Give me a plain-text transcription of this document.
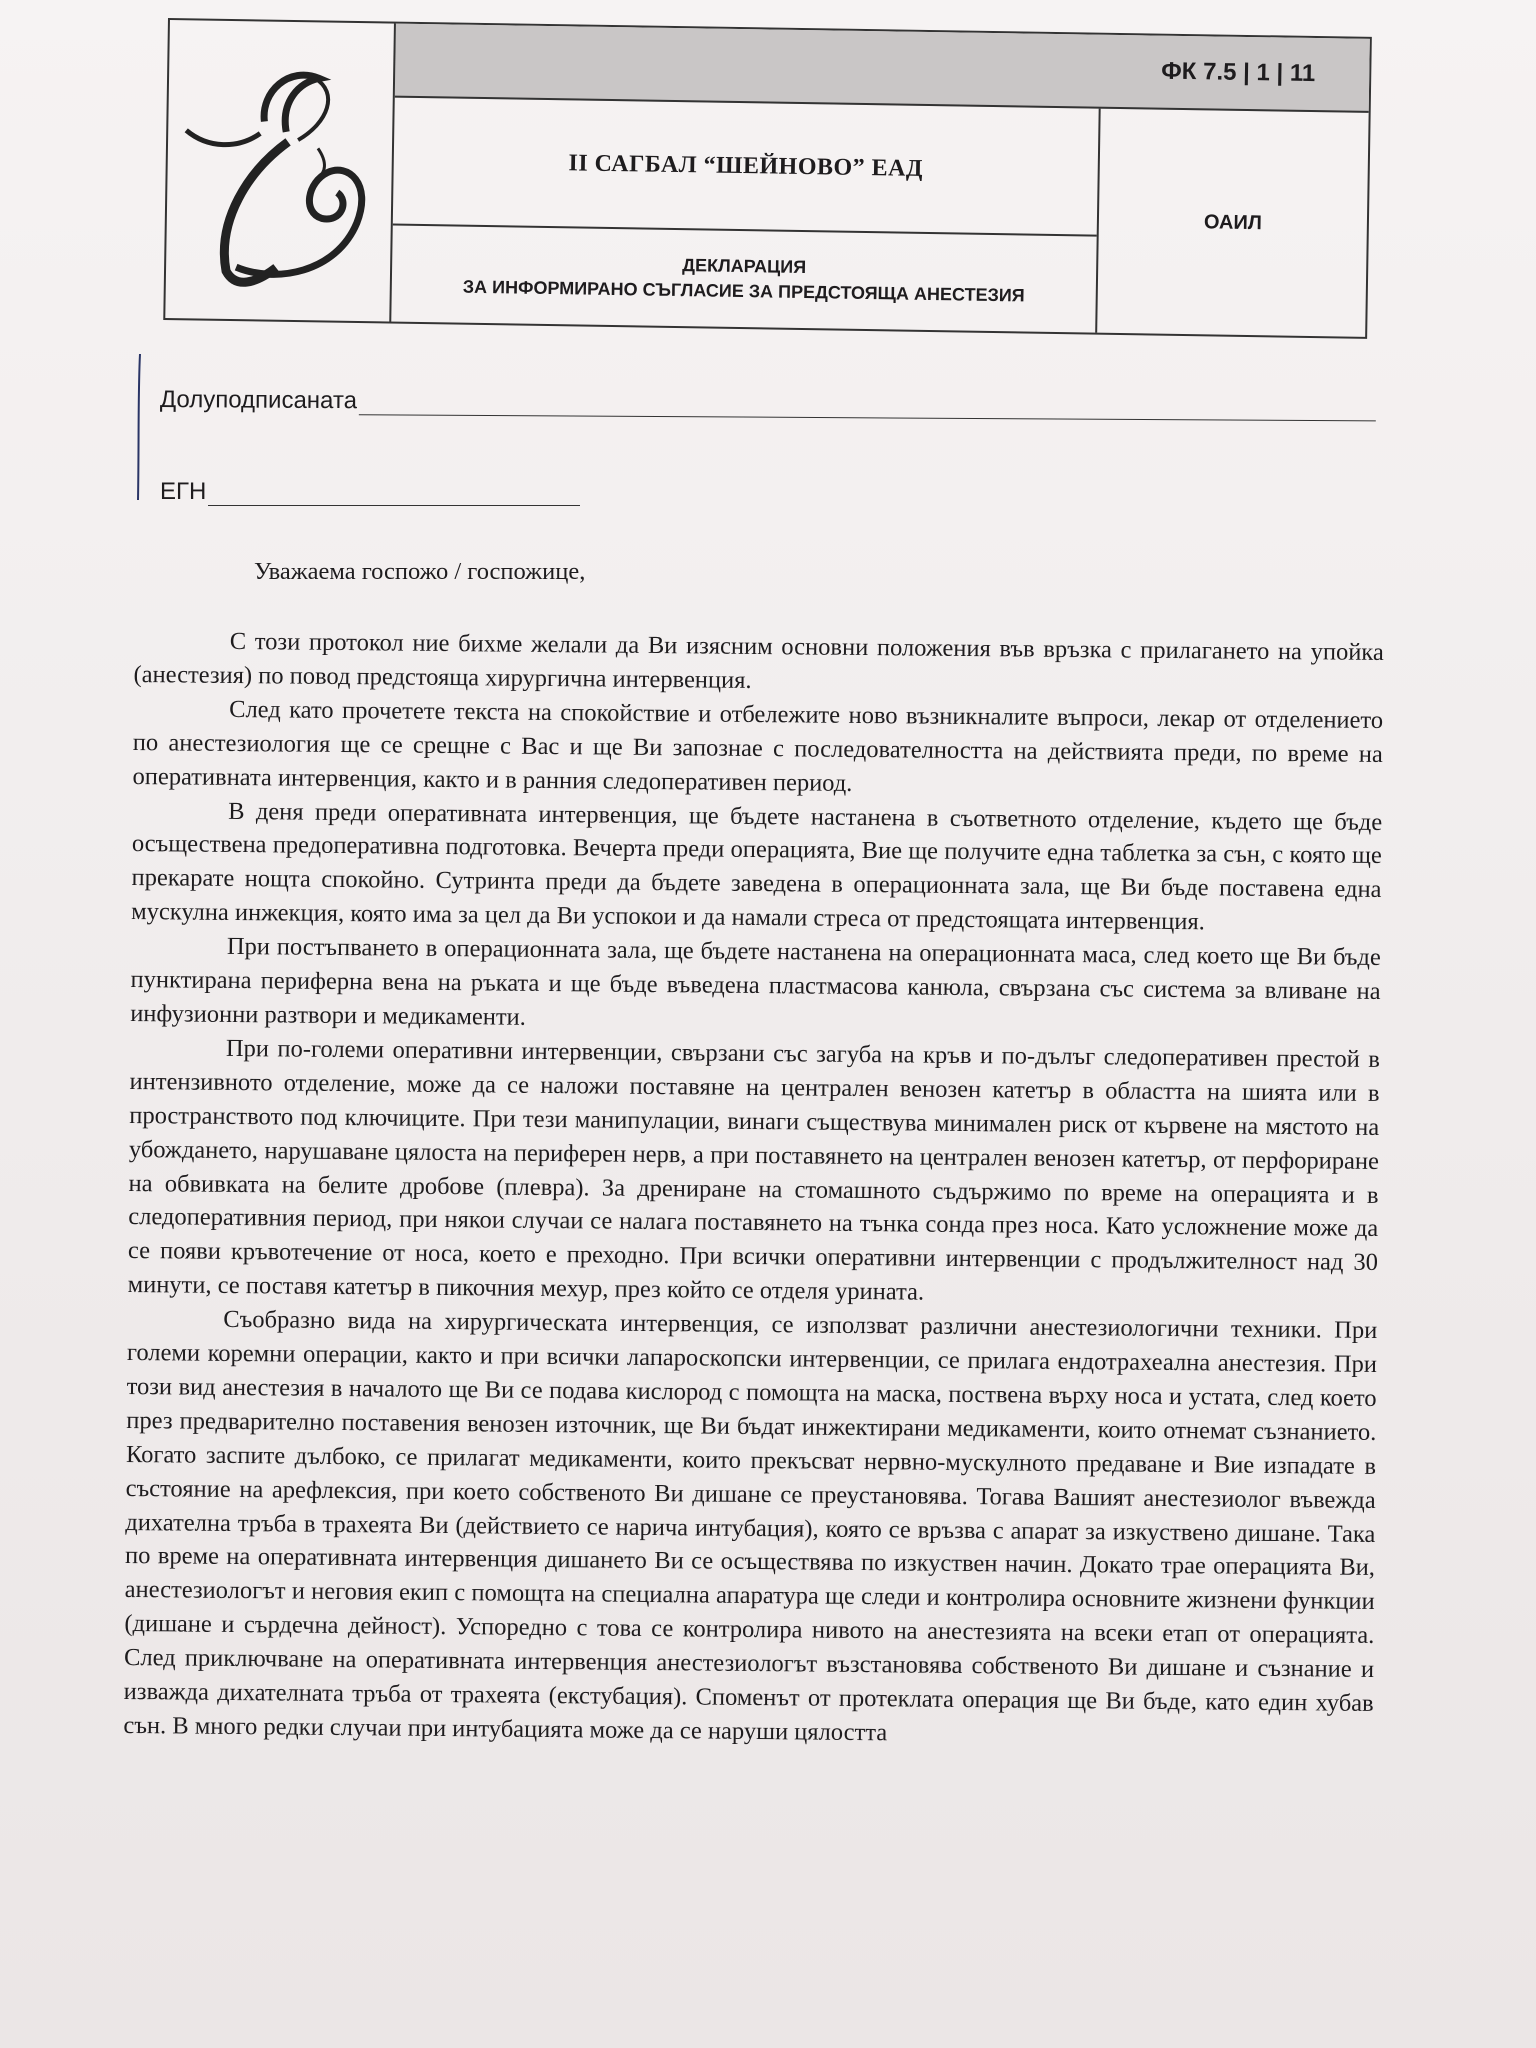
ФК 7.5 | 1 | 11
II САГБАЛ “ШЕЙНОВО” ЕАД
ДЕКЛАРАЦИЯ
ЗА ИНФОРМИРАНО СЪГЛАСИЕ ЗА ПРЕДСТОЯЩА АНЕСТЕЗИЯ
ОАИЛ
Долуподписаната
ЕГН
Уважаема госпожо / госпожице,

С този протокол ние бихме желали да Ви изясним основни положения във връзка с прилагането на упойка (анестезия) по повод предстояща хирургична интервенция.

След като прочетете текста на спокойствие и отбележите ново възникналите въпроси, лекар от отделението по анестезиология ще се срещне с Вас и ще Ви запознае с последователността на действията преди, по време на оперативната интервенция, както и в ранния следоперативен период.

В деня преди оперативната интервенция, ще бъдете настанена в съответното отделение, където ще бъде осъществена предоперативна подготовка. Вечерта преди операцията, Вие ще получите една таблетка за сън, с която ще прекарате нощта спокойно. Сутринта преди да бъдете заведена в операционната зала, ще Ви бъде поставена една мускулна инжекция, която има за цел да Ви успокои и да намали стреса от предстоящата интервенция.

При постъпването в операционната зала, ще бъдете настанена на операционната маса, след което ще Ви бъде пунктирана периферна вена на ръката и ще бъде въведена пластмасова канюла, свързана със система за вливане на инфузионни разтвори и медикаменти.

При по-големи оперативни интервенции, свързани със загуба на кръв и по-дълъг следоперативен престой в интензивното отделение, може да се наложи поставяне на централен венозен катетър в областта на шията или в пространството под ключиците. При тези манипулации, винаги съществува минимален риск от кървене на мястото на убождането, нарушаване цялоста на периферен нерв, а при поставянето на централен венозен катетър, от перфориране на обвивката на белите дробове (плевра). За дрениране на стомашното съдържимо по време на операцията и в следоперативния период, при някои случаи се налага поставянето на тънка сонда през носа. Като усложнение може да се появи кръвотечение от носа, което е преходно. При всички оперативни интервенции с продължителност над 30 минути, се поставя катетър в пикочния мехур, през който се отделя урината.

Съобразно вида на хирургическата интервенция, се използват различни анестезиологични техники. При големи коремни операции, както и при всички лапароскопски интервенции, се прилага ендотрахеална анестезия. При този вид анестезия в началото ще Ви се подава кислород с помощта на маска, поствена върху носа и устата, след което през предварително поставения венозен източник, ще Ви бъдат инжектирани медикаменти, които отнемат съзнанието. Когато заспите дълбоко, се прилагат медикаменти, които прекъсват нервно-мускулното предаване и Вие изпадате в състояние на арефлексия, при което собственото Ви дишане се преустановява. Тогава Вашият анестезиолог въвежда дихателна тръба в трахеята Ви (действието се нарича интубация), която се връзва с апарат за изкуствено дишане. Така по време на оперативната интервенция дишането Ви се осъществява по изкуствен начин. Докато трае операцията Ви, анестезиологът и неговия екип с помощта на специална апаратура ще следи и контролира основните жизнени функции (дишане и сърдечна дейност). Успоредно с това се контролира нивото на анестезията на всеки етап от операцията. След приключване на оперативната интервенция анестезиологът възстановява собственото Ви дишане и съзнание и изважда дихателната тръба от трахеята (екстубация). Споменът от протеклата операция ще Ви бъде, като един хубав сън. В много редки случаи при интубацията може да се наруши цялостта
